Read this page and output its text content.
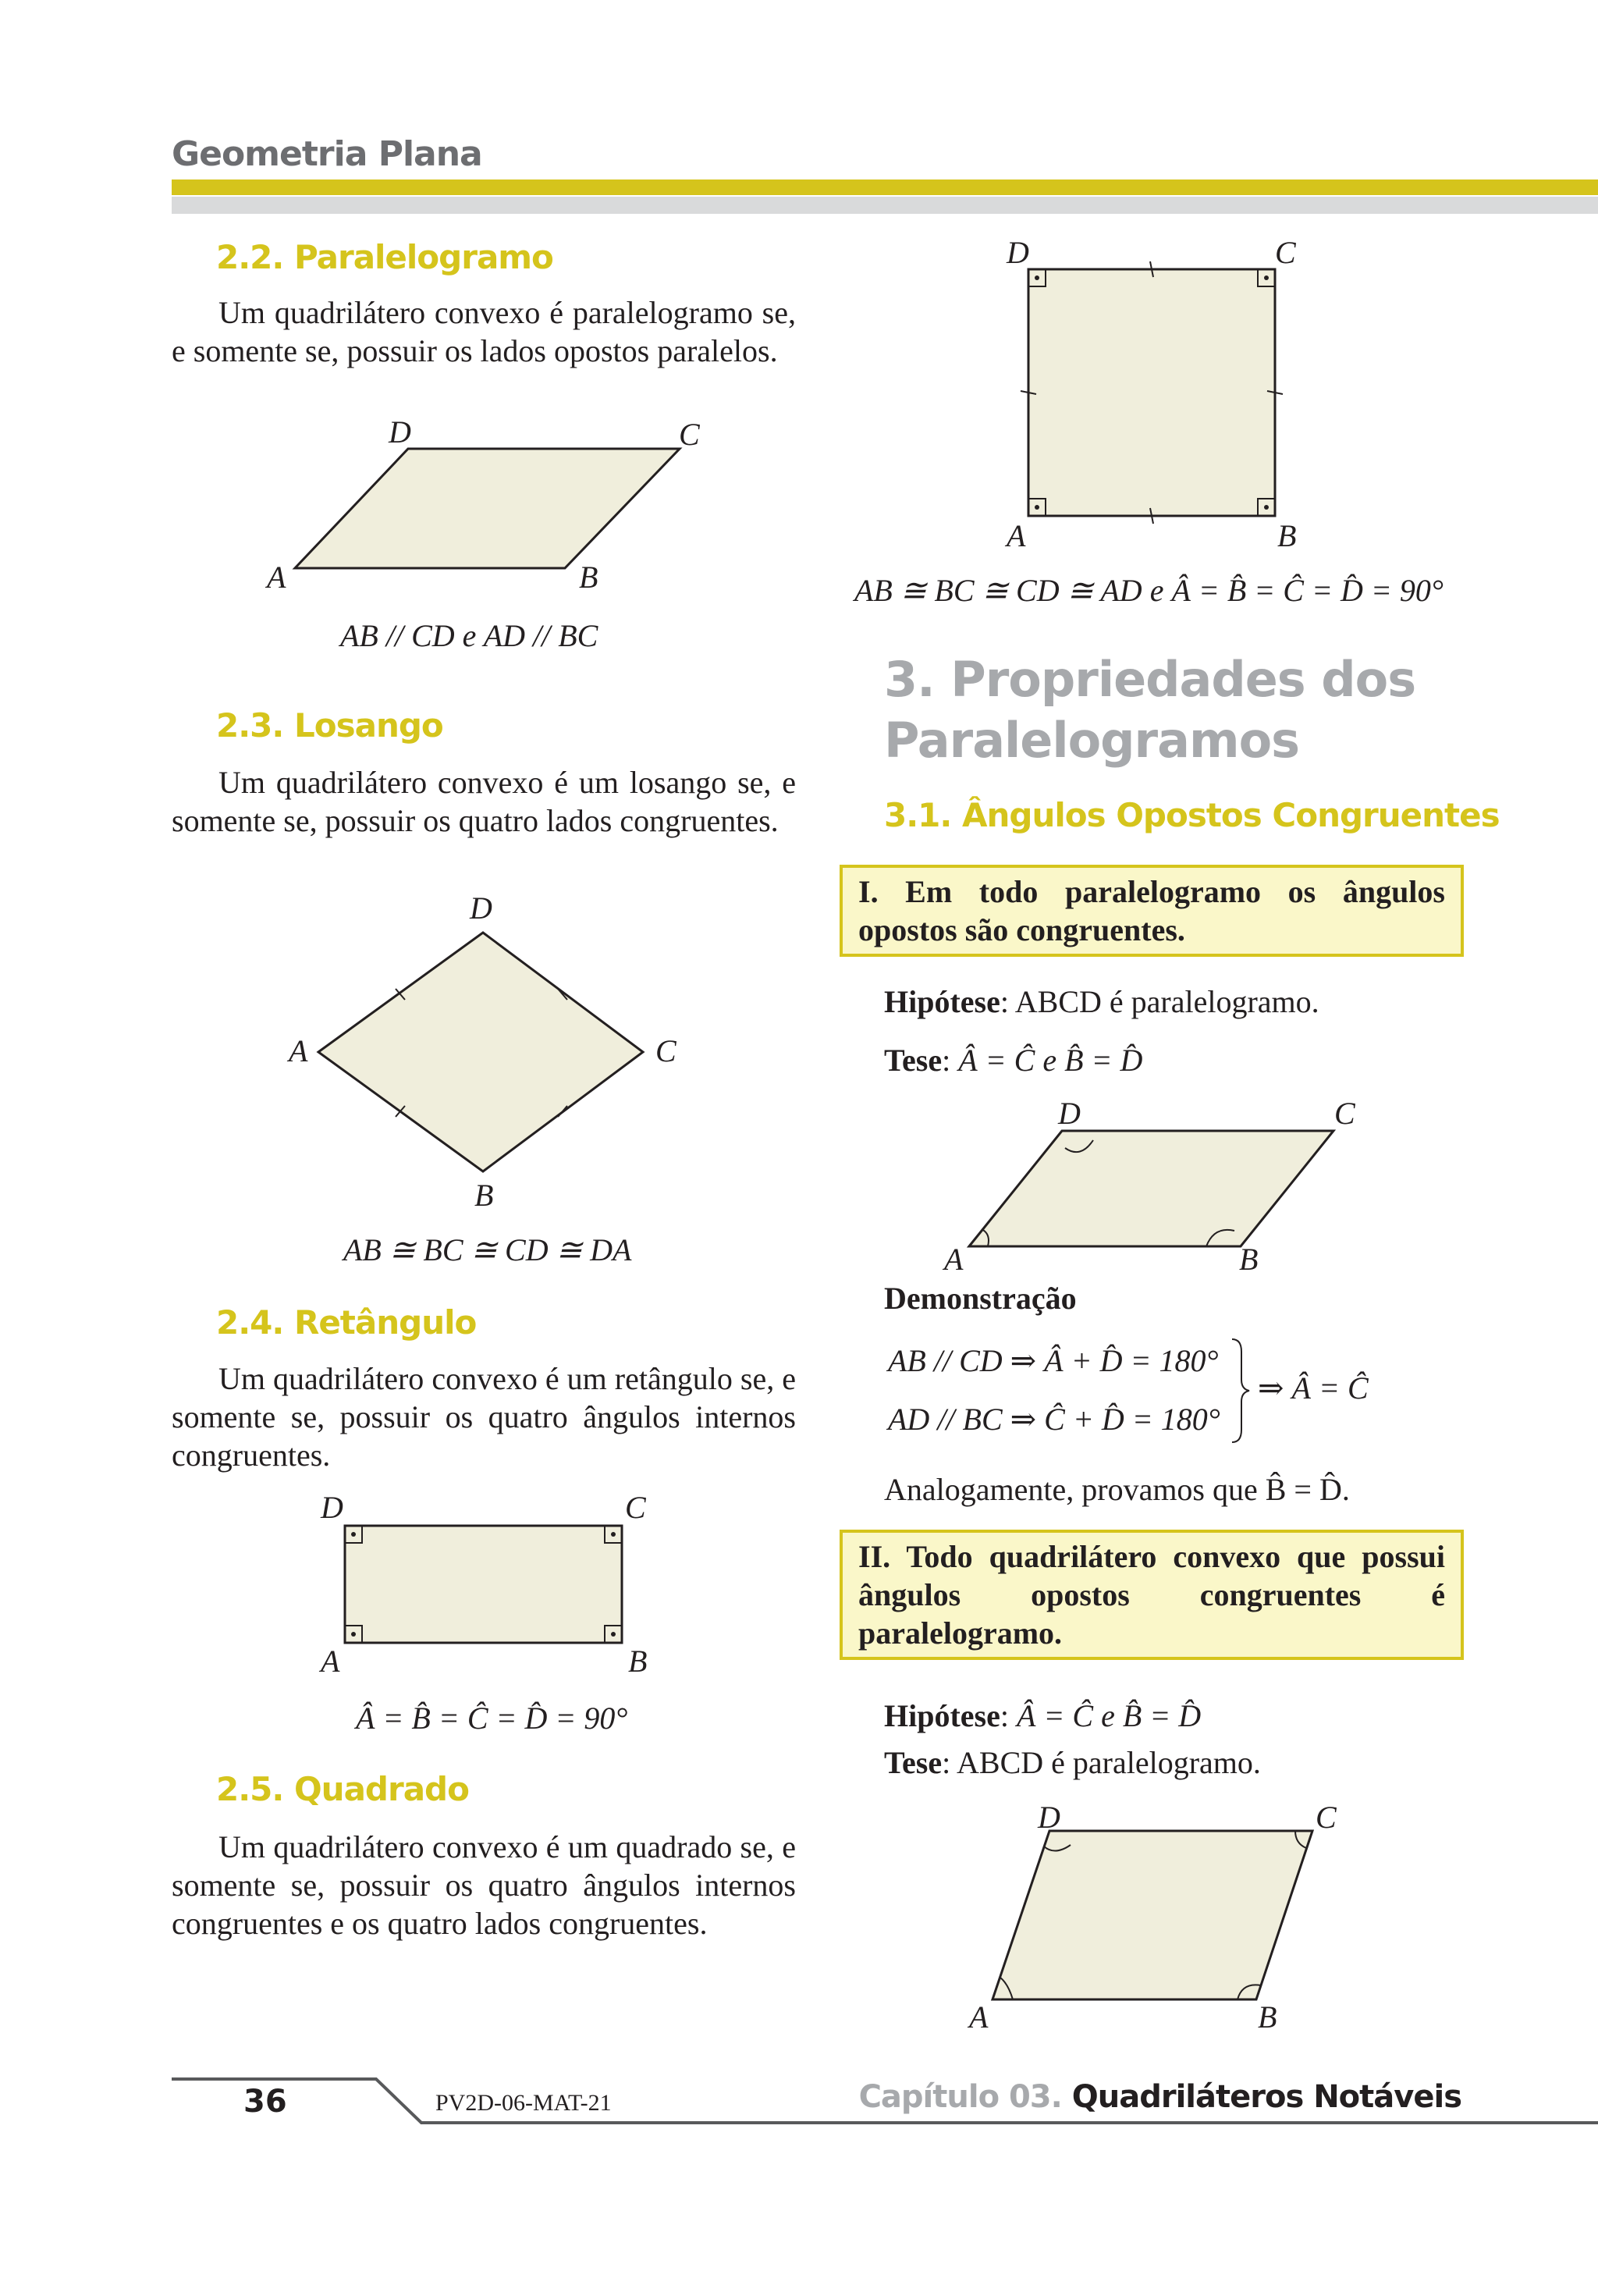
Geometria Plana
2.2. Paralelogramo
Um quadrilátero convexo é paralelogramo se, e somente se, possuir os lados opostos paralelos.
D	C
A	B
AB // CD e AD // BC
2.3. Losango
Um quadrilátero convexo é um losango se, e somente se, possuir os quatro lados congruentes.
D
A	C
B
AB ≅ BC ≅ CD ≅ DA
2.4. Retângulo
Um quadrilátero convexo é um retângulo se, e somente se, possuir os quatro ângulos internos congruentes.
D	C
A	B
Â = B̂ = Ĉ = D̂ = 90°
2.5. Quadrado
Um quadrilátero convexo é um quadrado se, e somente se, possuir os quatro ângulos internos congruentes e os quatro lados congruentes.
D	C
A	B
AB ≅ BC ≅ CD ≅ AD e Â = B̂ = Ĉ = D̂ = 90°
3. Propriedades dos
Paralelogramos
3.1. Ângulos Opostos Congruentes
I. Em todo paralelogramo os ângulos opostos são congruentes.
Hipótese: ABCD é paralelogramo.
Tese: Â = Ĉ e B̂ = D̂
D	C
A	B
Demonstração
AB // CD ⇒ Â + D̂ = 180°
AD // BC ⇒ Ĉ + D̂ = 180°
⇒ Â = Ĉ
Analogamente, provamos que B̂ = D̂.
II. Todo quadrilátero convexo que possui ângulos opostos congruentes é paralelogramo.
Hipótese: Â = Ĉ e B̂ = D̂
Tese: ABCD é paralelogramo.
D	C
A	B
36	PV2D-06-MAT-21	Capítulo 03. Quadriláteros Notáveis
